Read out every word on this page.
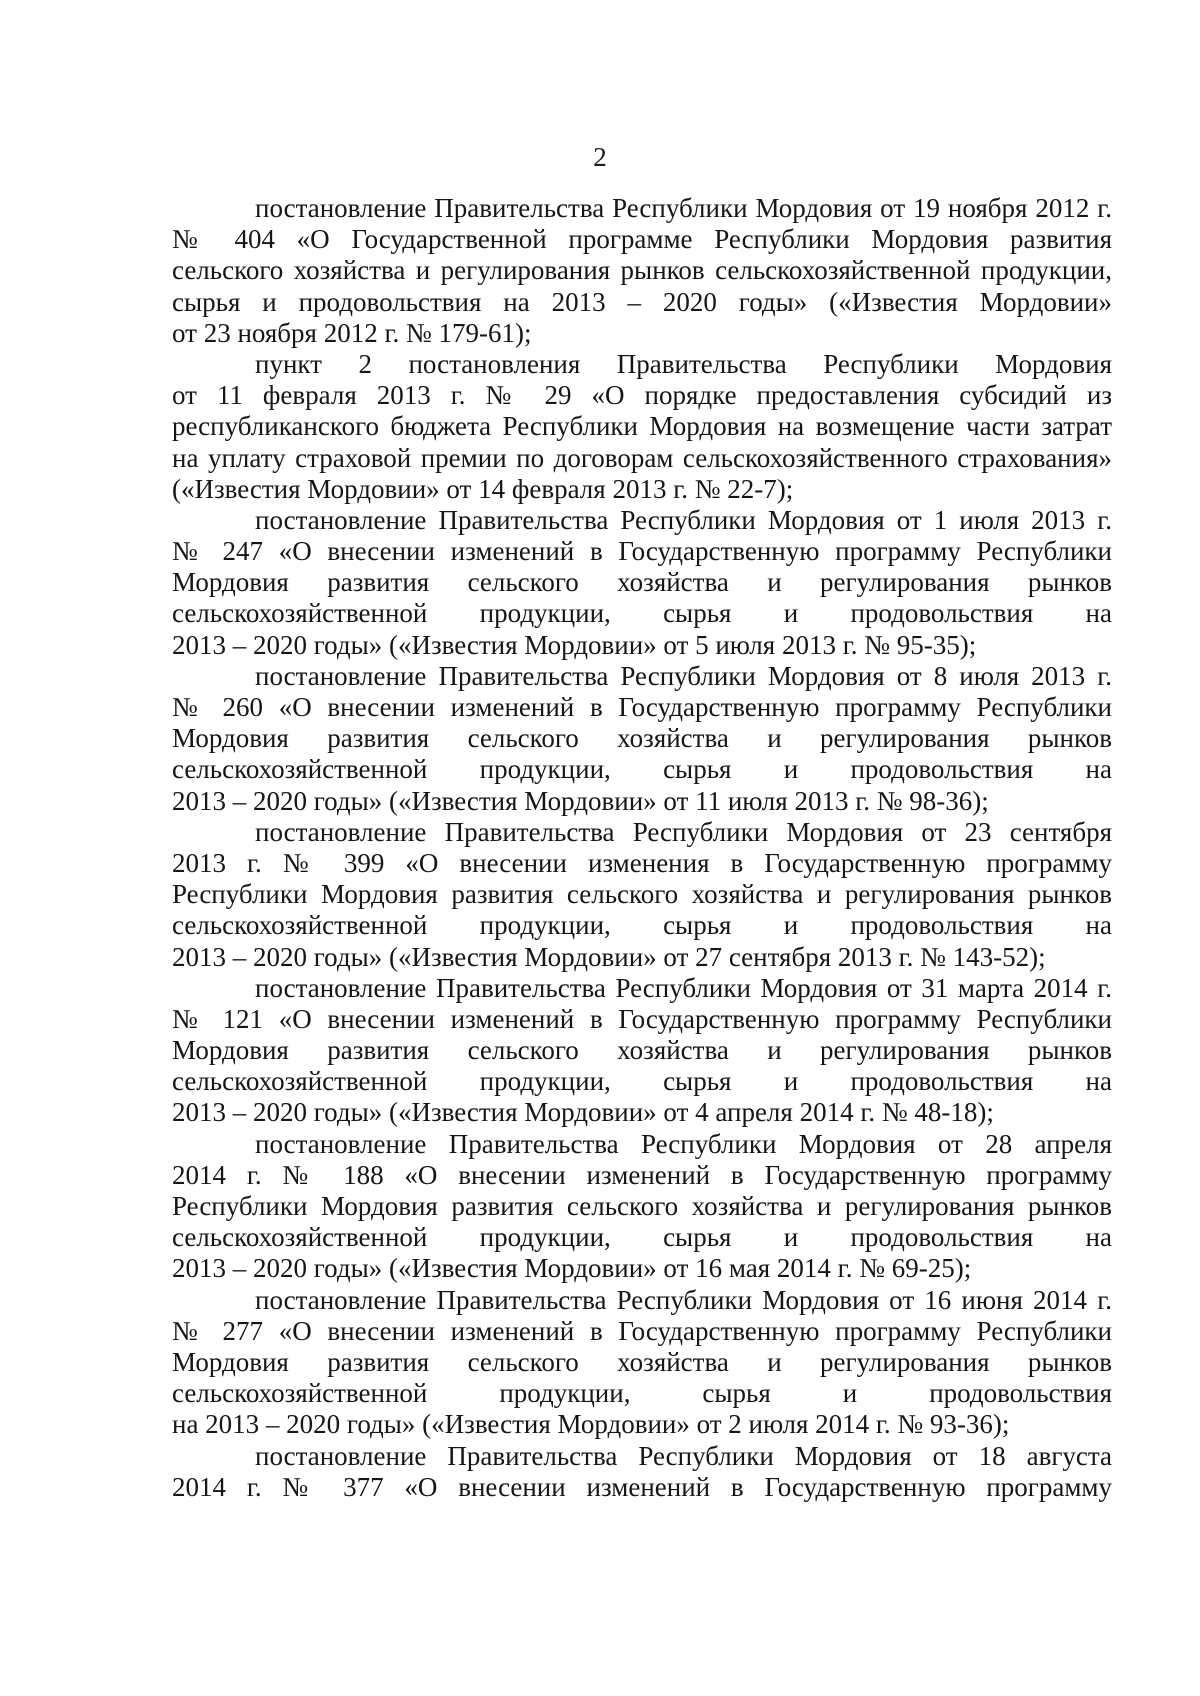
2
постановление Правительства Республики Мордовия от 19 ноября 2012 г.
№ 404 «О Государственной программе Республики Мордовия развития
сельского хозяйства и регулирования рынков сельскохозяйственной продукции,
сырья и продовольствия на 2013 – 2020 годы» («Известия Мордовии»
от 23 ноября 2012 г. № 179-61);
пункт 2 постановления Правительства Республики Мордовия
от 11 февраля 2013 г. № 29 «О порядке предоставления субсидий из
республиканского бюджета Республики Мордовия на возмещение части затрат
на уплату страховой премии по договорам сельскохозяйственного страхования»
(«Известия Мордовии» от 14 февраля 2013 г. № 22-7);
постановление Правительства Республики Мордовия от 1 июля 2013 г.
№ 247 «О внесении изменений в Государственную программу Республики
Мордовия развития сельского хозяйства и регулирования рынков
сельскохозяйственной продукции, сырья и продовольствия на
2013 – 2020 годы» («Известия Мордовии» от 5 июля 2013 г. № 95-35);
постановление Правительства Республики Мордовия от 8 июля 2013 г.
№ 260 «О внесении изменений в Государственную программу Республики
Мордовия развития сельского хозяйства и регулирования рынков
сельскохозяйственной продукции, сырья и продовольствия на
2013 – 2020 годы» («Известия Мордовии» от 11 июля 2013 г. № 98-36);
постановление Правительства Республики Мордовия от 23 сентября
2013 г. № 399 «О внесении изменения в Государственную программу
Республики Мордовия развития сельского хозяйства и регулирования рынков
сельскохозяйственной продукции, сырья и продовольствия на
2013 – 2020 годы» («Известия Мордовии» от 27 сентября 2013 г. № 143-52);
постановление Правительства Республики Мордовия от 31 марта 2014 г.
№ 121 «О внесении изменений в Государственную программу Республики
Мордовия развития сельского хозяйства и регулирования рынков
сельскохозяйственной продукции, сырья и продовольствия на
2013 – 2020 годы» («Известия Мордовии» от 4 апреля 2014 г. № 48-18);
постановление Правительства Республики Мордовия от 28 апреля
2014 г. № 188 «О внесении изменений в Государственную программу
Республики Мордовия развития сельского хозяйства и регулирования рынков
сельскохозяйственной продукции, сырья и продовольствия на
2013 – 2020 годы» («Известия Мордовии» от 16 мая 2014 г. № 69-25);
постановление Правительства Республики Мордовия от 16 июня 2014 г.
№ 277 «О внесении изменений в Государственную программу Республики
Мордовия развития сельского хозяйства и регулирования рынков
сельскохозяйственной продукции, сырья и продовольствия
на 2013 – 2020 годы» («Известия Мордовии» от 2 июля 2014 г. № 93-36);
постановление Правительства Республики Мордовия от 18 августа
2014 г. № 377 «О внесении изменений в Государственную программу
